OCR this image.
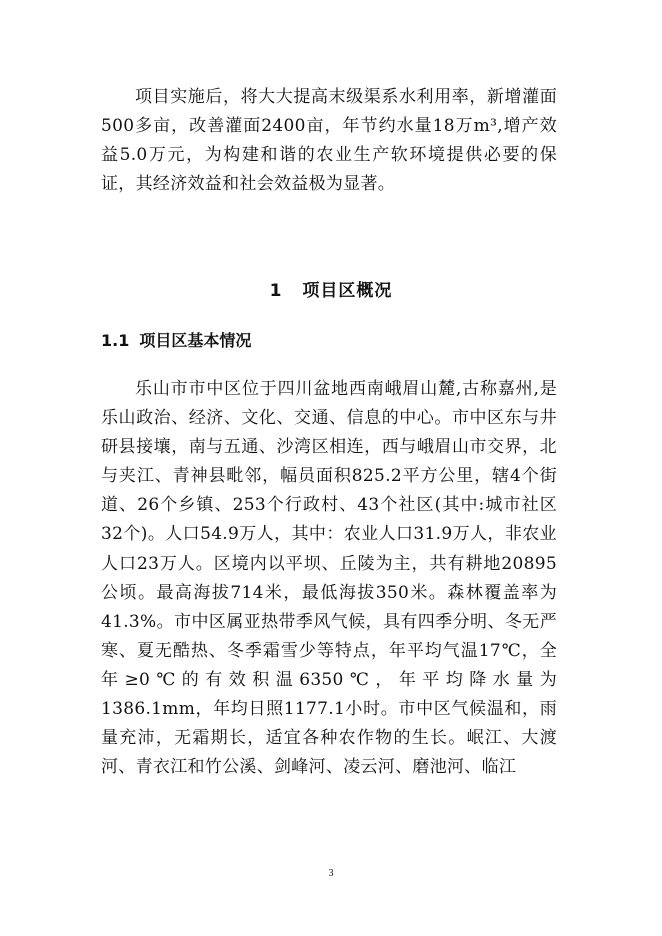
项目实施后，将大大提高末级渠系水利用率，新增灌面500多亩，改善灌面2400亩，年节约水量18万m³,增产效益5.0万元，为构建和谐的农业生产软环境提供必要的保证，其经济效益和社会效益极为显著。

1 项目区概况
1.1 项目区基本情况

乐山市市中区位于四川盆地西南峨眉山麓,古称嘉州,是乐山政治、经济、文化、交通、信息的中心。市中区东与井研县接壤，南与五通、沙湾区相连，西与峨眉山市交界，北与夹江、青神县毗邻，幅员面积825.2平方公里，辖4个街道、26个乡镇、253个行政村、43个社区(其中:城市社区32个)。人口54.9万人，其中：农业人口31.9万人，非农业人口23万人。区境内以平坝、丘陵为主，共有耕地20895公顷。最高海拔714米，最低海拔350米。森林覆盖率为41.3%。市中区属亚热带季风气候，具有四季分明、冬无严寒、夏无酷热、冬季霜雪少等特点，年平均气温17℃，全年≥0℃的有效积温6350℃，年平均降水量为1386.1mm，年均日照1177.1小时。市中区气候温和，雨量充沛，无霜期长，适宜各种农作物的生长。岷江、大渡河、青衣江和竹公溪、剑峰河、凌云河、磨池河、临江

3
